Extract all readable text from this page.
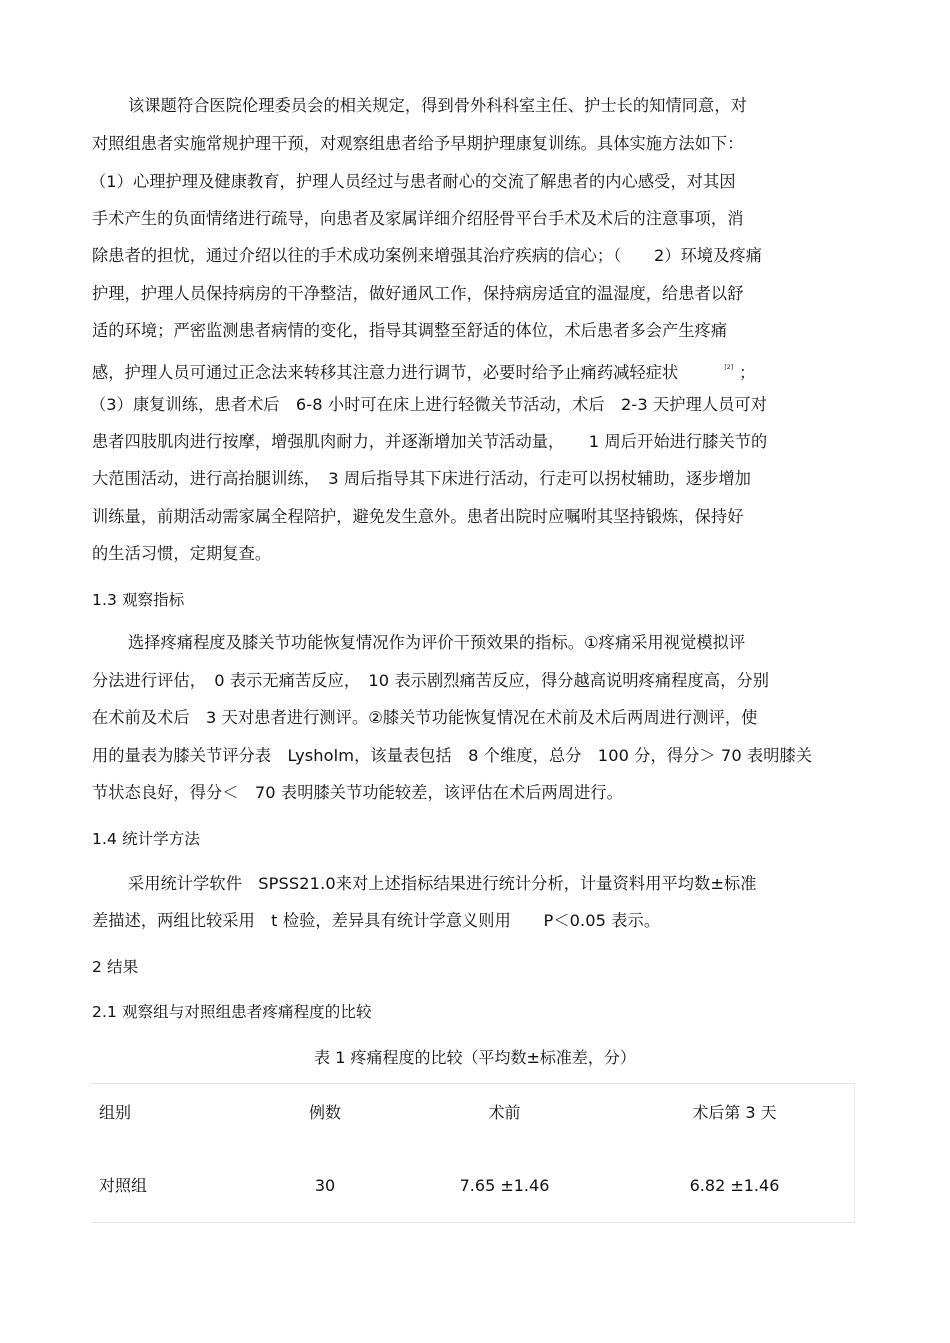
该课题符合医院伦理委员会的相关规定，得到骨外科科室主任、护士长的知情同意，对
对照组患者实施常规护理干预，对观察组患者给予早期护理康复训练。具体实施方法如下：
（1）心理护理及健康教育，护理人员经过与患者耐心的交流了解患者的内心感受，对其因
手术产生的负面情绪进行疏导，向患者及家属详细介绍胫骨平台手术及术后的注意事项，消
除患者的担忧，通过介绍以往的手术成功案例来增强其治疗疾病的信心；（　　2）环境及疼痛
护理，护理人员保持病房的干净整洁，做好通风工作，保持病房适宜的温湿度，给患者以舒
适的环境；严密监测患者病情的变化，指导其调整至舒适的体位，术后患者多会产生疼痛
感，护理人员可通过正念法来转移其注意力进行调节，必要时给予止痛药减轻症状	[2] ；
（3）康复训练，患者术后　6-8 小时可在床上进行轻微关节活动，术后　2-3 天护理人员可对
患者四肢肌肉进行按摩，增强肌肉耐力，并逐渐增加关节活动量，　　1 周后开始进行膝关节的
大范围活动，进行高抬腿训练，　3 周后指导其下床进行活动，行走可以拐杖辅助，逐步增加
训练量，前期活动需家属全程陪护，避免发生意外。患者出院时应嘱咐其坚持锻炼，保持好
的生活习惯，定期复查。
1.3 观察指标
选择疼痛程度及膝关节功能恢复情况作为评价干预效果的指标。①疼痛采用视觉模拟评
分法进行评估，　0 表示无痛苦反应，　10 表示剧烈痛苦反应，得分越高说明疼痛程度高，分别
在术前及术后　3 天对患者进行测评。②膝关节功能恢复情况在术前及术后两周进行测评，使
用的量表为膝关节评分表　Lysholm，该量表包括　8 个维度，总分　100 分，得分＞ 70 表明膝关
节状态良好，得分＜　70 表明膝关节功能较差，该评估在术后两周进行。
1.4 统计学方法
采用统计学软件　SPSS21.0来对上述指标结果进行统计分析，计量资料用平均数±标准
差描述，两组比较采用　t 检验，差异具有统计学意义则用　　P＜0.05 表示。
2 结果
2.1 观察组与对照组患者疼痛程度的比较
表 1 疼痛程度的比较（平均数±标准差，分）
组别	例数	术前	术后第 3 天
对照组	30	7.65 ±1.46	6.82 ±1.46
